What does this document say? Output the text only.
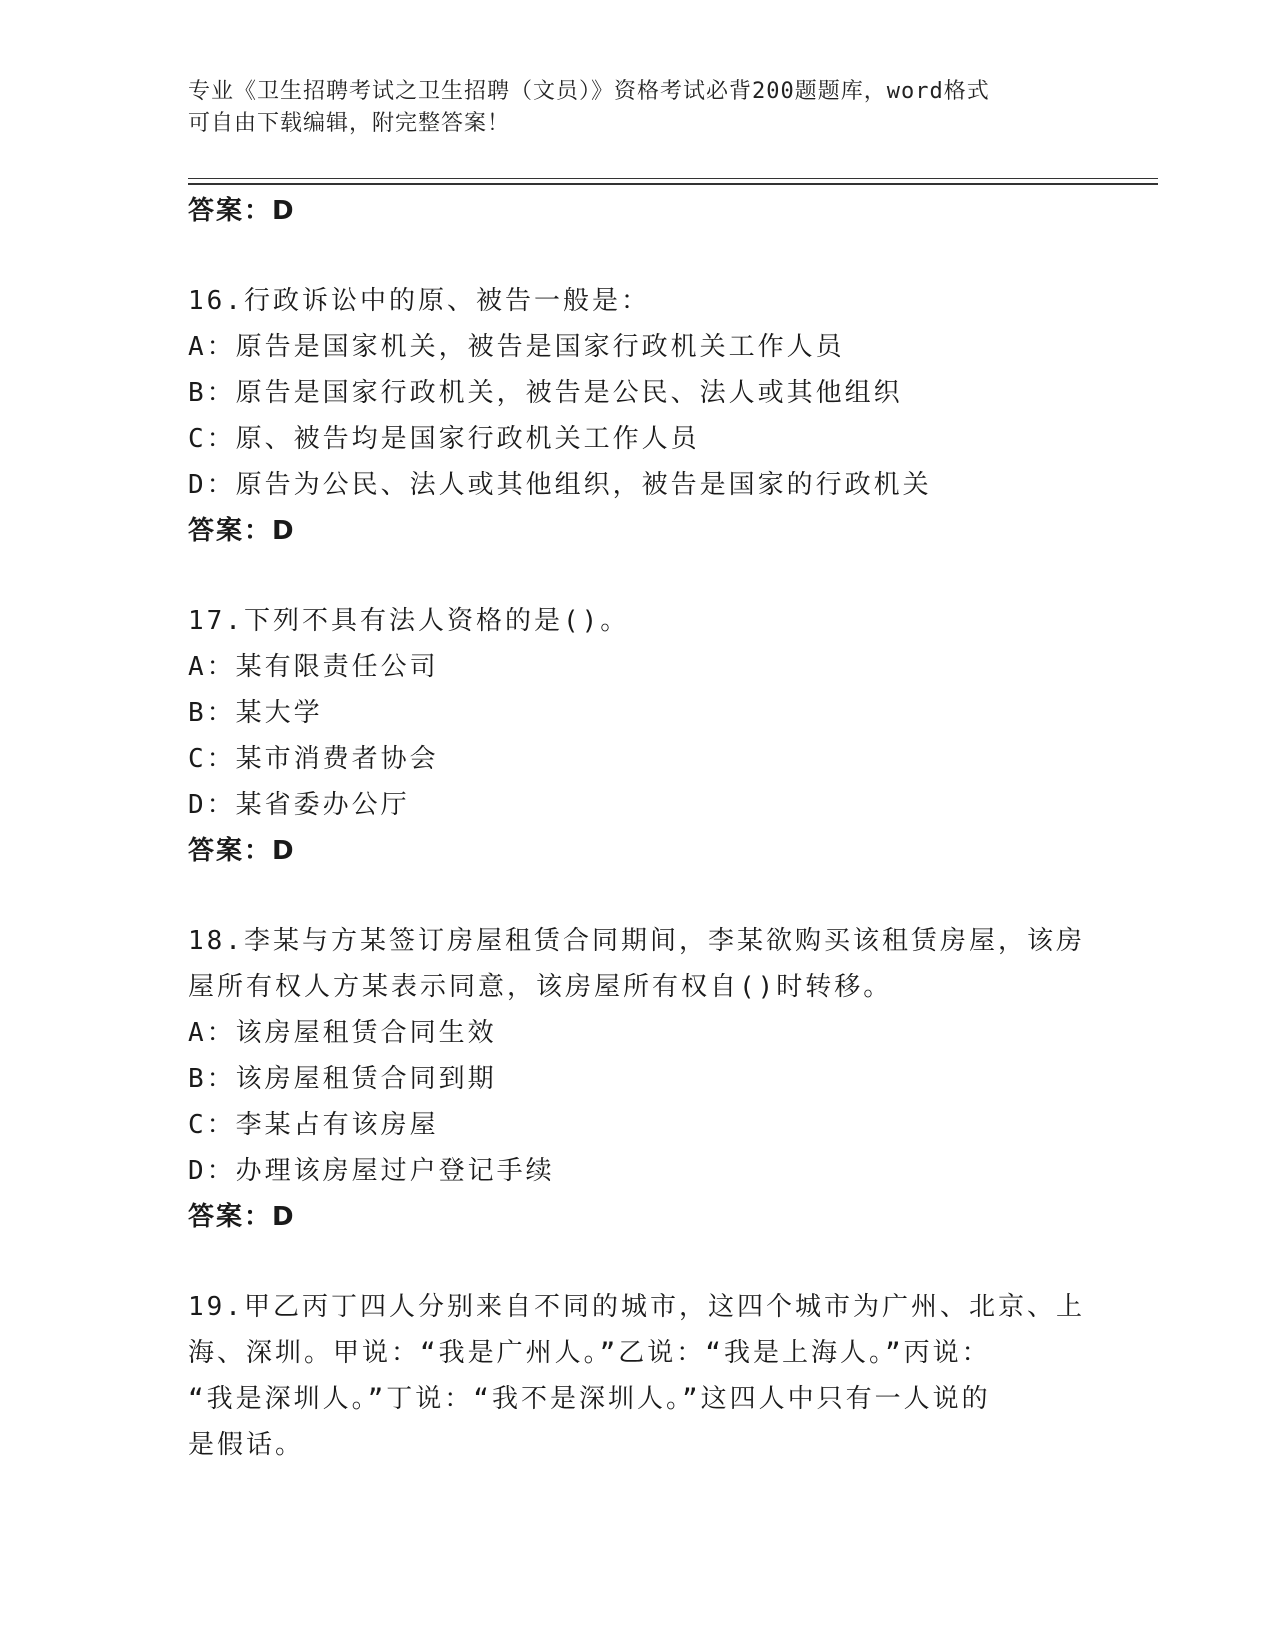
专业《卫生招聘考试之卫生招聘（文员）》资格考试必背200题题库，word格式
可自由下载编辑，附完整答案！
答案：D
16.行政诉讼中的原、被告一般是：
A：原告是国家机关，被告是国家行政机关工作人员
B：原告是国家行政机关，被告是公民、法人或其他组织
C：原、被告均是国家行政机关工作人员
D：原告为公民、法人或其他组织，被告是国家的行政机关
答案：D
17.下列不具有法人资格的是()。
A：某有限责任公司
B：某大学
C：某市消费者协会
D：某省委办公厅
答案：D
18.李某与方某签订房屋租赁合同期间，李某欲购买该租赁房屋，该房
屋所有权人方某表示同意，该房屋所有权自()时转移。
A：该房屋租赁合同生效
B：该房屋租赁合同到期
C：李某占有该房屋
D：办理该房屋过户登记手续
答案：D
19.甲乙丙丁四人分别来自不同的城市，这四个城市为广州、北京、上
海、深圳。甲说：“我是广州人。”乙说：“我是上海人。”丙说：
“我是深圳人。”丁说：“我不是深圳人。”这四人中只有一人说的
是假话。
